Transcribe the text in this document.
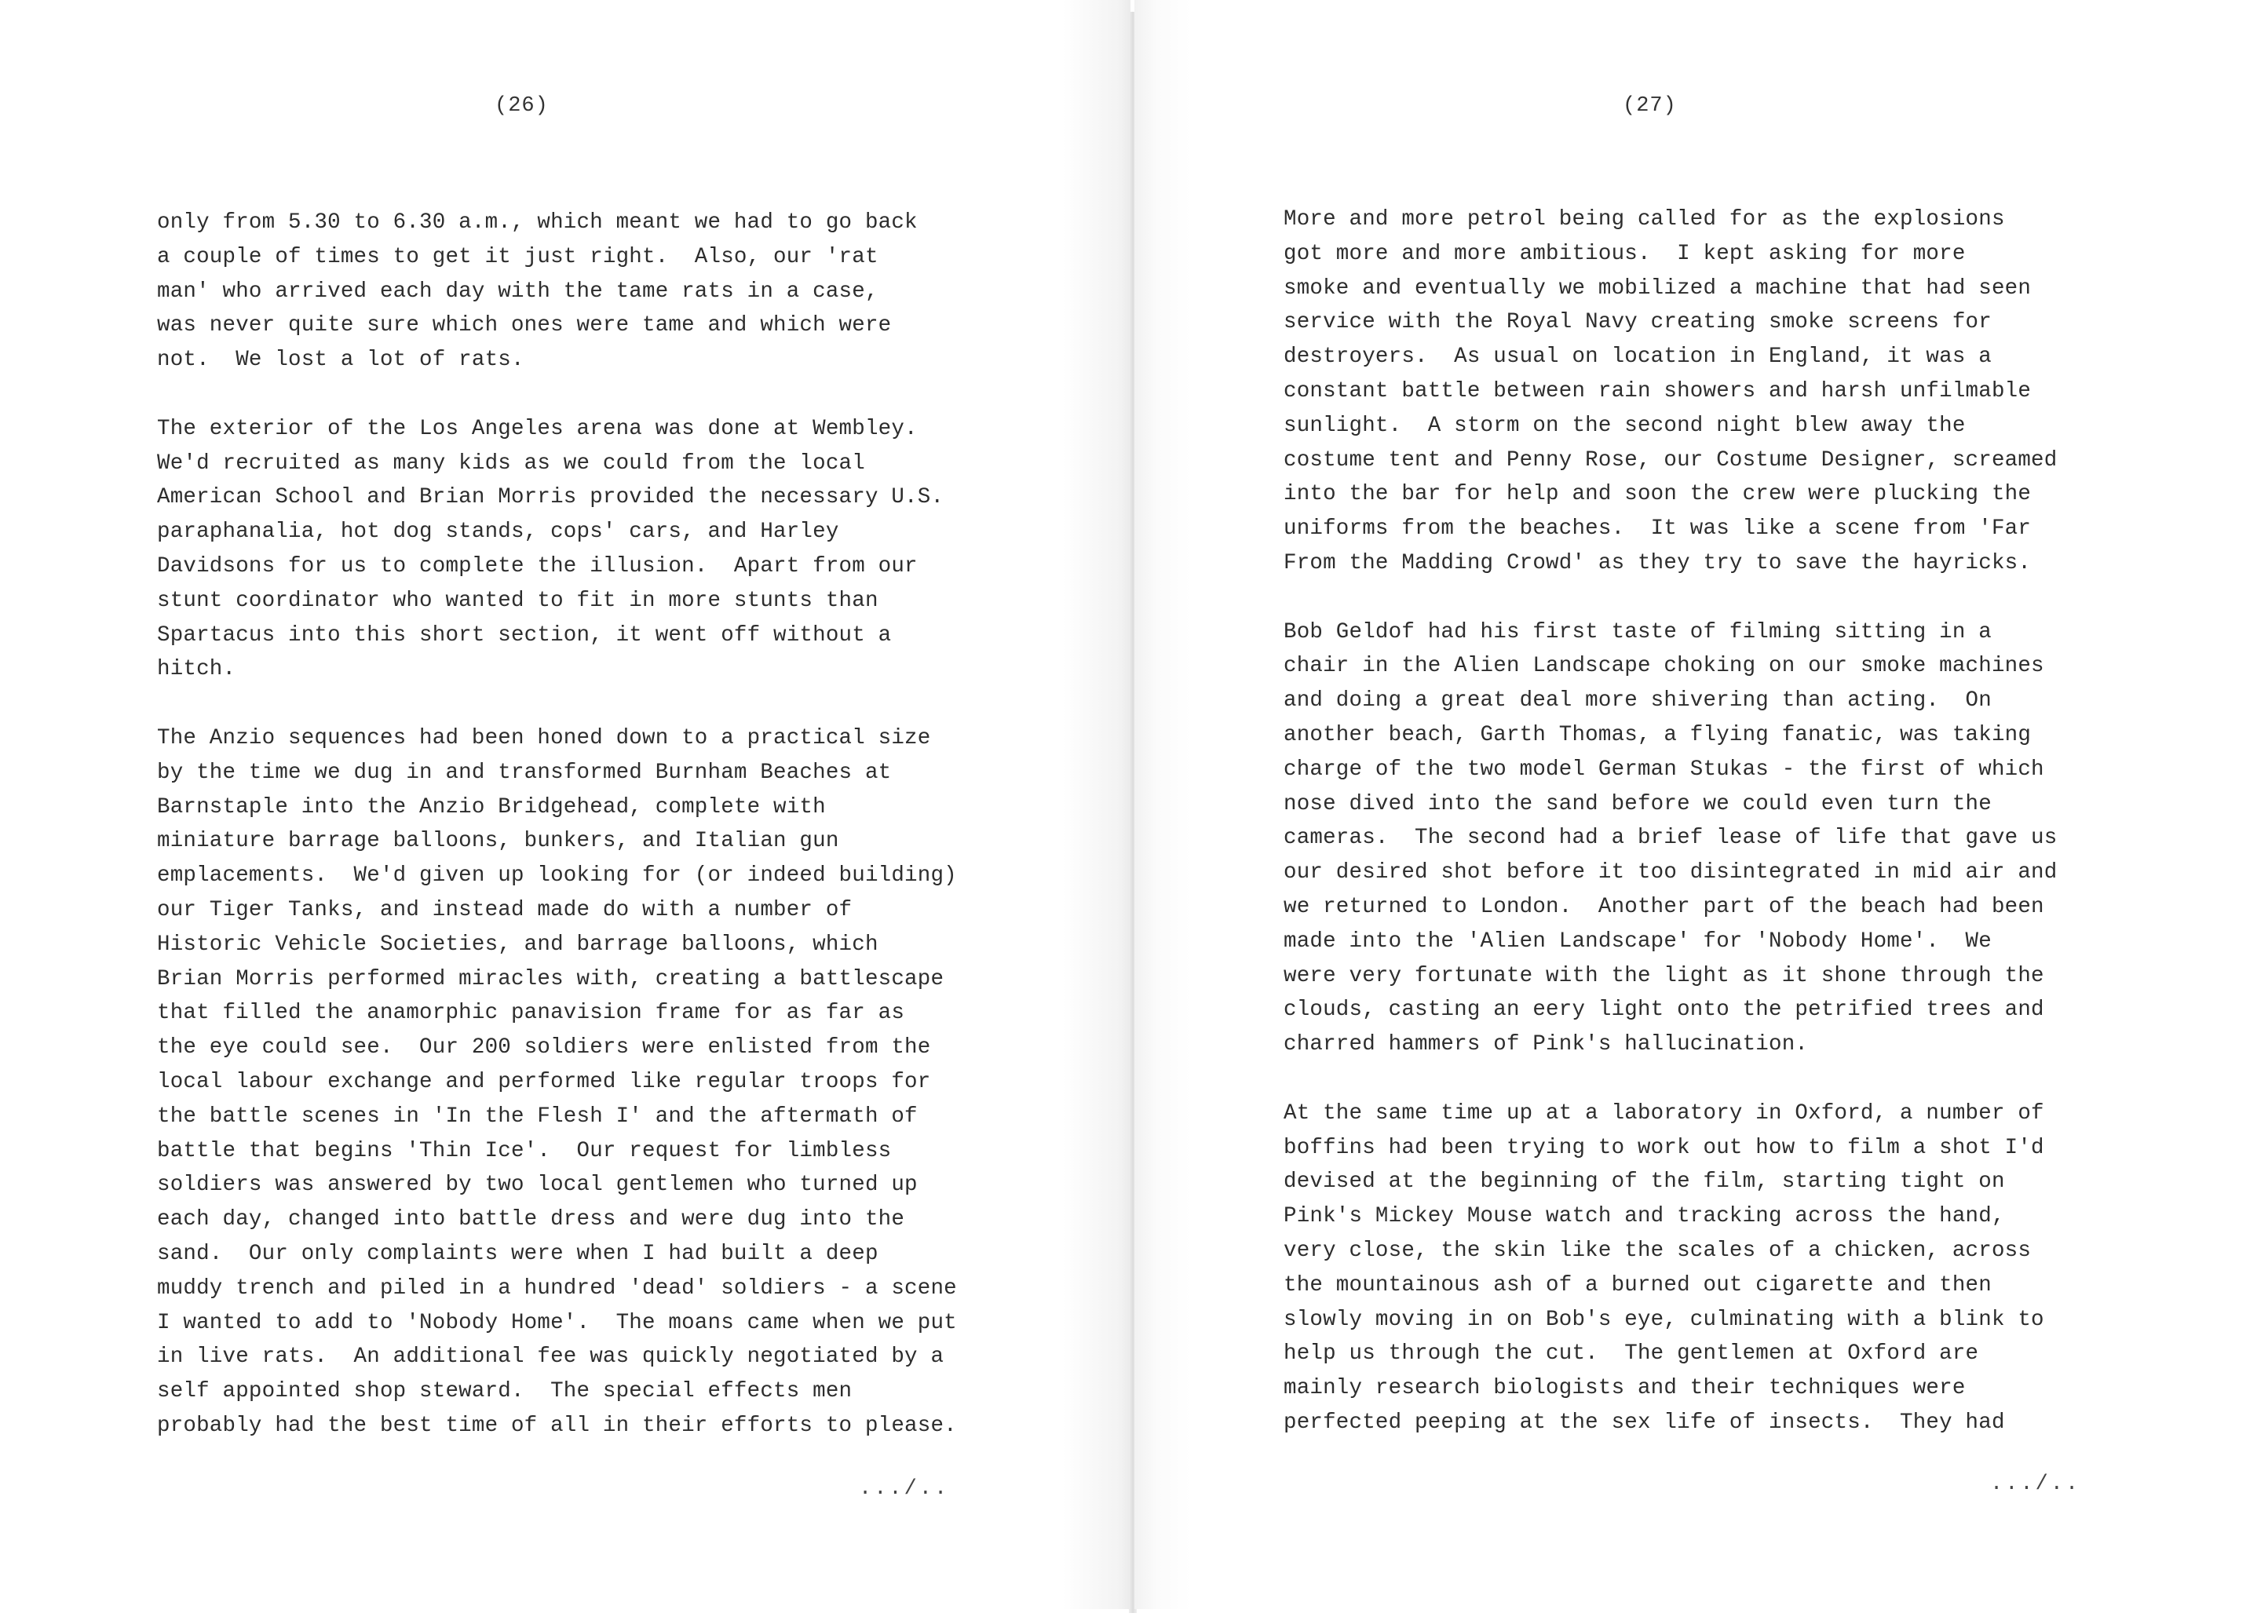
(26)
only from 5.30 to 6.30 a.m., which meant we had to go back
a couple of times to get it just right.  Also, our 'rat
man' who arrived each day with the tame rats in a case,
was never quite sure which ones were tame and which were
not.  We lost a lot of rats.
The exterior of the Los Angeles arena was done at Wembley.
We'd recruited as many kids as we could from the local
American School and Brian Morris provided the necessary U.S.
paraphanalia, hot dog stands, cops' cars, and Harley
Davidsons for us to complete the illusion.  Apart from our
stunt coordinator who wanted to fit in more stunts than
Spartacus into this short section, it went off without a
hitch.
The Anzio sequences had been honed down to a practical size
by the time we dug in and transformed Burnham Beaches at
Barnstaple into the Anzio Bridgehead, complete with
miniature barrage balloons, bunkers, and Italian gun
emplacements.  We'd given up looking for (or indeed building)
our Tiger Tanks, and instead made do with a number of
Historic Vehicle Societies, and barrage balloons, which
Brian Morris performed miracles with, creating a battlescape
that filled the anamorphic panavision frame for as far as
the eye could see.  Our 200 soldiers were enlisted from the
local labour exchange and performed like regular troops for
the battle scenes in 'In the Flesh I' and the aftermath of
battle that begins 'Thin Ice'.  Our request for limbless
soldiers was answered by two local gentlemen who turned up
each day, changed into battle dress and were dug into the
sand.  Our only complaints were when I had built a deep
muddy trench and piled in a hundred 'dead' soldiers - a scene
I wanted to add to 'Nobody Home'.  The moans came when we put
in live rats.  An additional fee was quickly negotiated by a
self appointed shop steward.  The special effects men
probably had the best time of all in their efforts to please.
.../..
(27)
More and more petrol being called for as the explosions
got more and more ambitious.  I kept asking for more
smoke and eventually we mobilized a machine that had seen
service with the Royal Navy creating smoke screens for
destroyers.  As usual on location in England, it was a
constant battle between rain showers and harsh unfilmable
sunlight.  A storm on the second night blew away the
costume tent and Penny Rose, our Costume Designer, screamed
into the bar for help and soon the crew were plucking the
uniforms from the beaches.  It was like a scene from 'Far
From the Madding Crowd' as they try to save the hayricks.
Bob Geldof had his first taste of filming sitting in a
chair in the Alien Landscape choking on our smoke machines
and doing a great deal more shivering than acting.  On
another beach, Garth Thomas, a flying fanatic, was taking
charge of the two model German Stukas - the first of which
nose dived into the sand before we could even turn the
cameras.  The second had a brief lease of life that gave us
our desired shot before it too disintegrated in mid air and
we returned to London.  Another part of the beach had been
made into the 'Alien Landscape' for 'Nobody Home'.  We
were very fortunate with the light as it shone through the
clouds, casting an eery light onto the petrified trees and
charred hammers of Pink's hallucination.
At the same time up at a laboratory in Oxford, a number of
boffins had been trying to work out how to film a shot I'd
devised at the beginning of the film, starting tight on
Pink's Mickey Mouse watch and tracking across the hand,
very close, the skin like the scales of a chicken, across
the mountainous ash of a burned out cigarette and then
slowly moving in on Bob's eye, culminating with a blink to
help us through the cut.  The gentlemen at Oxford are
mainly research biologists and their techniques were
perfected peeping at the sex life of insects.  They had
.../..
